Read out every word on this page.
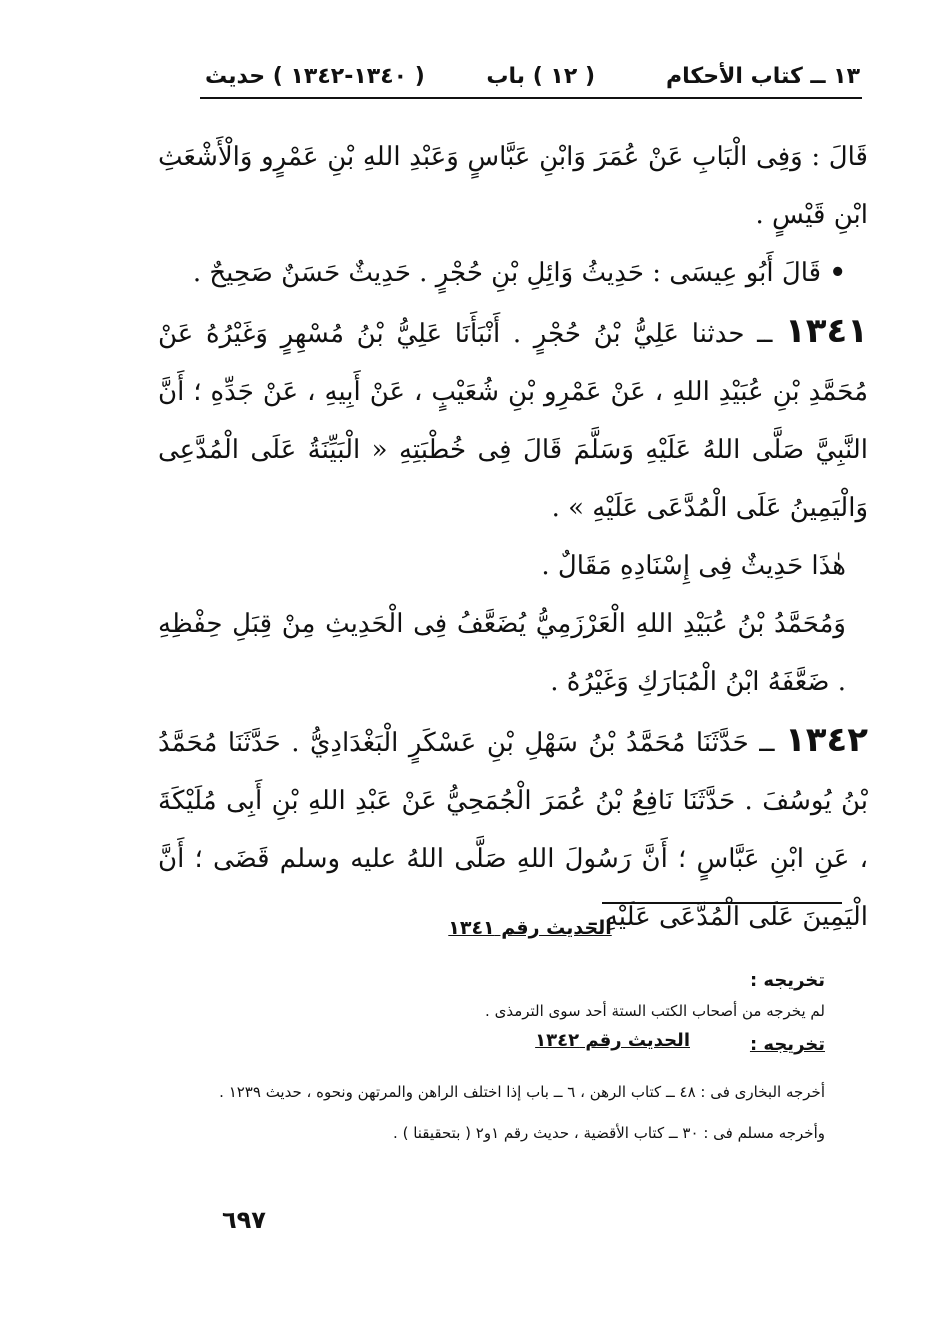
١٣ ــ كتاب الأحكام
( ١٢ ) باب
( ١٣٤٠-١٣٤٢ ) حديث

قَالَ : وَفِى الْبَابِ عَنْ عُمَرَ وَابْنِ عَبَّاسٍ وَعَبْدِ اللهِ بْنِ عَمْرٍو وَالْأَشْعَثِ ابْنِ قَيْسٍ .

• قَالَ أَبُو عِيسَى : حَدِيثُ وَائِلِ بْنِ حُجْرٍ . حَدِيثٌ حَسَنٌ صَحِيحٌ .

١٣٤١ ــ حدثنا عَلِيُّ بْنُ حُجْرٍ . أَنْبَأَنَا عَلِيُّ بْنُ مُسْهِرٍ وَغَيْرُهُ عَنْ مُحَمَّدِ بْنِ عُبَيْدِ اللهِ ، عَنْ عَمْرِو بْنِ شُعَيْبٍ ، عَنْ أَبِيهِ ، عَنْ جَدِّهِ ؛ أَنَّ النَّبِيَّ صَلَّى اللهُ عَلَيْهِ وَسَلَّمَ قَالَ فِى خُطْبَتِهِ « الْبَيِّنَةُ عَلَى الْمُدَّعِى وَالْيَمِينُ عَلَى الْمُدَّعَى عَلَيْهِ » .

هٰذَا حَدِيثٌ فِى إِسْنَادِهِ مَقَالٌ .

وَمُحَمَّدُ بْنُ عُبَيْدِ اللهِ الْعَرْزَمِيُّ يُضَعَّفُ فِى الْحَدِيثِ مِنْ قِبَلِ حِفْظِهِ . ضَعَّفَهُ ابْنُ الْمُبَارَكِ وَغَيْرُهُ .

١٣٤٢ ــ حَدَّثَنَا مُحَمَّدُ بْنُ سَهْلِ بْنِ عَسْكَرٍ الْبَغْدَادِيُّ . حَدَّثَنَا مُحَمَّدُ بْنُ يُوسُفَ . حَدَّثَنَا نَافِعُ بْنُ عُمَرَ الْجُمَحِيُّ عَنْ عَبْدِ اللهِ بْنِ أَبِى مُلَيْكَةَ ، عَنِ ابْنِ عَبَّاسٍ ؛ أَنَّ رَسُولَ اللهِ صَلَّى اللهُ عليه وسلم قَضَى ؛ أَنَّ الْيَمِينَ عَلَى الْمُدَّعَى عَلَيْهِ ـ

الحديث رقم ١٣٤١
تخريجه :
لم يخرجه من أصحاب الكتب الستة أحد سوى الترمذى .
تخريجه :
الحديث رقم ١٣٤٢
أخرجه البخارى فى : ٤٨ ــ كتاب الرهن ، ٦ ــ باب إذا اختلف الراهن والمرتهن ونحوه ، حديث ١٢٣٩ .
وأخرجه مسلم فى : ٣٠ ــ كتاب الأقضية ، حديث رقم ١و٢ ( بتحقيقنا ) .
٦٩٧
